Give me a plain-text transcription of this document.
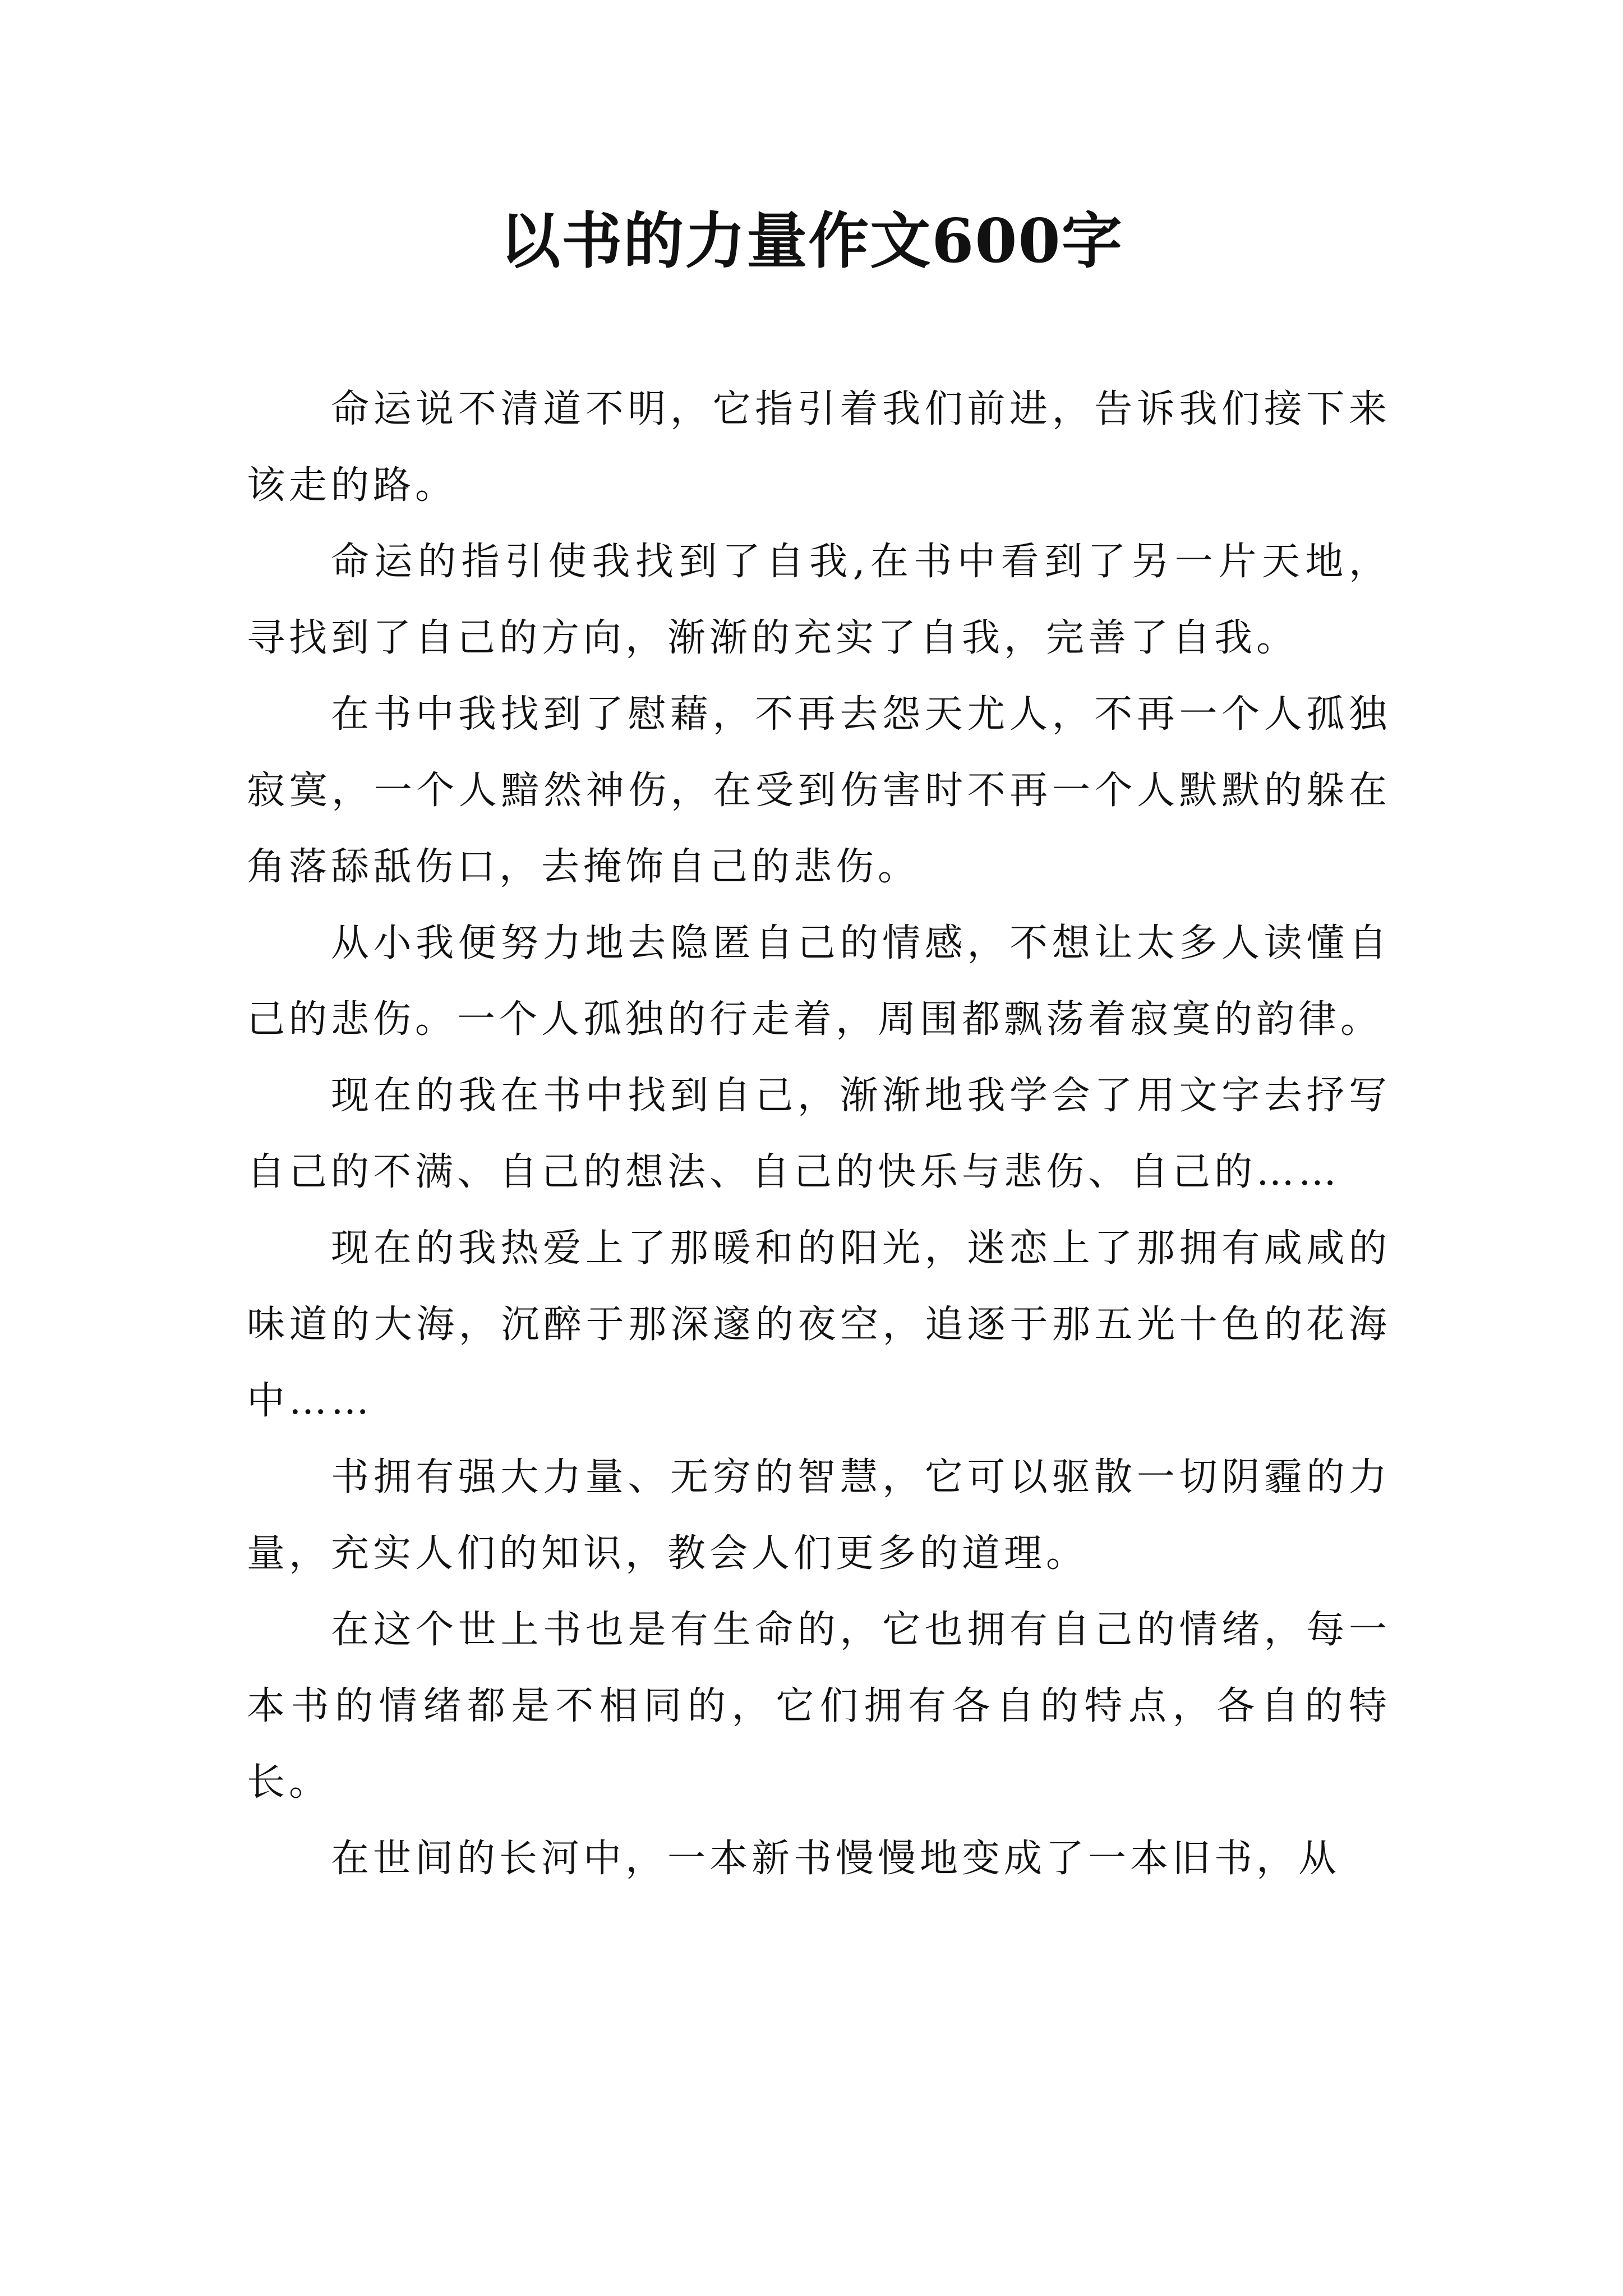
以书的力量作文600字

命运说不清道不明，它指引着我们前进，告诉我们接下来该走的路。

命运的指引使我找到了自我,在书中看到了另一片天地，寻找到了自己的方向，渐渐的充实了自我，完善了自我。

在书中我找到了慰藉，不再去怨天尤人，不再一个人孤独寂寞，一个人黯然神伤，在受到伤害时不再一个人默默的躲在角落舔舐伤口，去掩饰自己的悲伤。

从小我便努力地去隐匿自己的情感，不想让太多人读懂自己的悲伤。一个人孤独的行走着，周围都飘荡着寂寞的韵律。

现在的我在书中找到自己，渐渐地我学会了用文字去抒写自己的不满、自己的想法、自己的快乐与悲伤、自己的……

现在的我热爱上了那暖和的阳光，迷恋上了那拥有咸咸的味道的大海，沉醉于那深邃的夜空，追逐于那五光十色的花海中……

书拥有强大力量、无穷的智慧，它可以驱散一切阴霾的力量，充实人们的知识，教会人们更多的道理。

在这个世上书也是有生命的，它也拥有自己的情绪，每一本书的情绪都是不相同的，它们拥有各自的特点，各自的特长。

在世间的长河中，一本新书慢慢地变成了一本旧书，从
